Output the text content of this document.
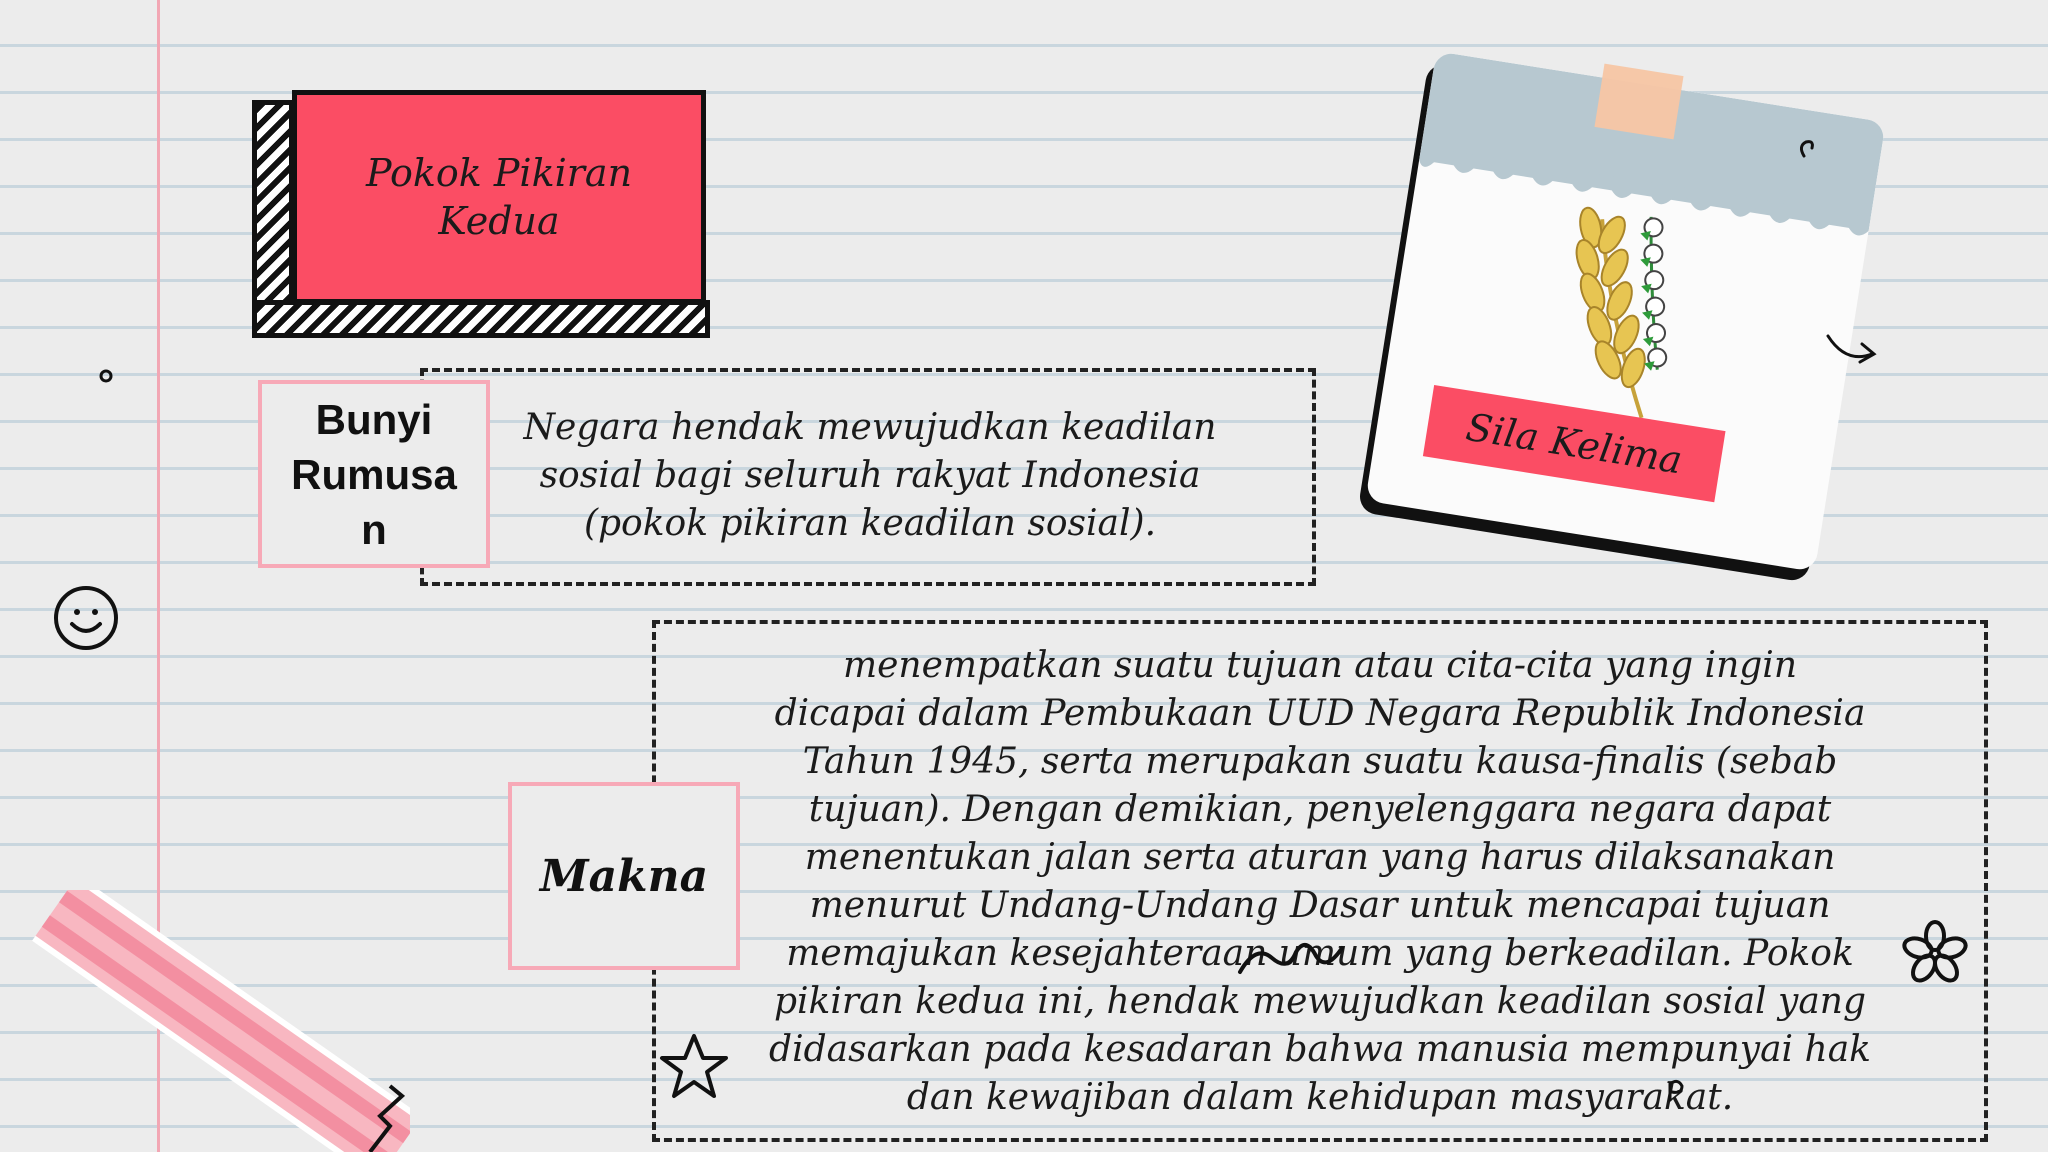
Pokok Pikiran
Kedua
Bunyi
Rumusa
n
Negara hendak mewujudkan keadilan
sosial bagi seluruh rakyat Indonesia
(pokok pikiran keadilan sosial).
Makna
menempatkan suatu tujuan atau cita-cita yang ingin
dicapai dalam Pembukaan UUD Negara Republik Indonesia
Tahun 1945, serta merupakan suatu kausa-finalis (sebab
tujuan). Dengan demikian, penyelenggara negara dapat
menentukan jalan serta aturan yang harus dilaksanakan
menurut Undang-Undang Dasar untuk mencapai tujuan
memajukan kesejahteraan umum yang berkeadilan. Pokok
pikiran kedua ini, hendak mewujudkan keadilan sosial yang
didasarkan pada kesadaran bahwa manusia mempunyai hak
dan kewajiban dalam kehidupan masyarakat.
Sila Kelima
